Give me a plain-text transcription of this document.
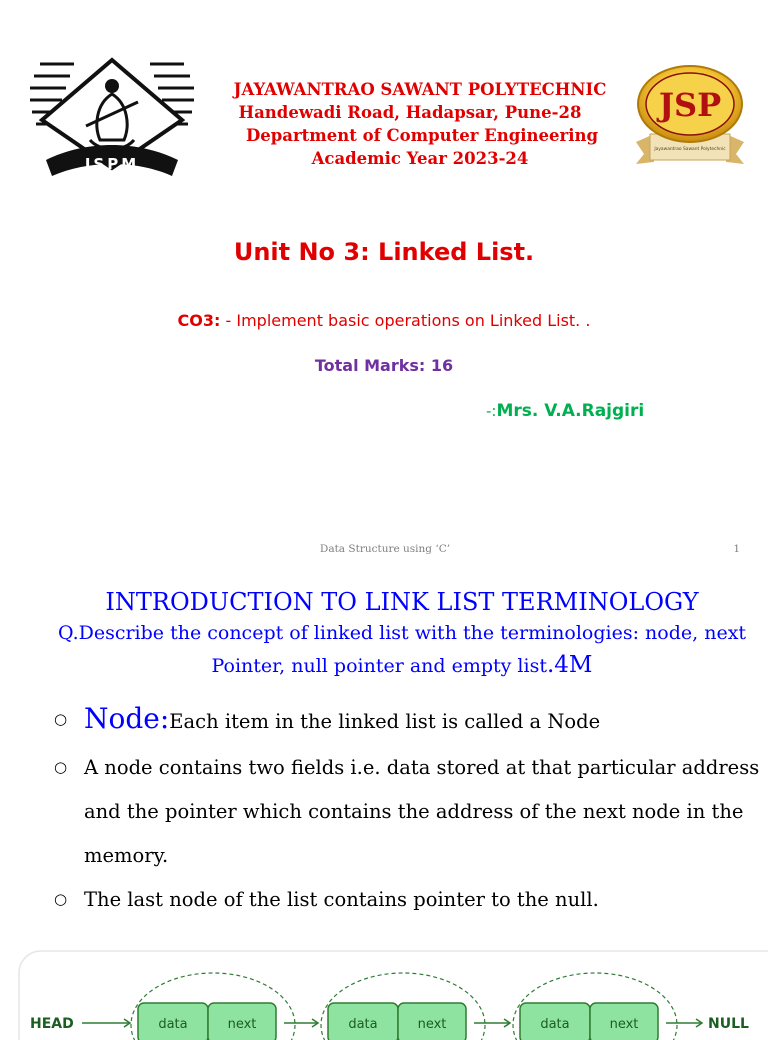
JSPM
JAYAWANTRAO SAWANT POLYTECHNIC
Handewadi Road, Hadapsar, Pune-28
Department of Computer Engineering
Academic Year 2023-24
JSP
Jayawantrao Sawant Polytechnic
Unit No 3: Linked List.
CO3: - Implement basic operations on Linked List. .
Total Marks: 16
-:Mrs. V.A.Rajgiri
Data Structure using ‘C’	1
INTRODUCTION TO LINK LIST TERMINOLOGY
Q.Describe the concept of linked list with the terminologies: node, next
Pointer, null pointer and empty list.4M
○ Node:Each item in the linked list is called a Node
○ A node contains two fields i.e. data stored at that particular address
and the pointer which contains the address of the next node in the
memory.
○ The last node of the list contains pointer to the null.
HEAD	NULL
data	next	data	next	data	next
